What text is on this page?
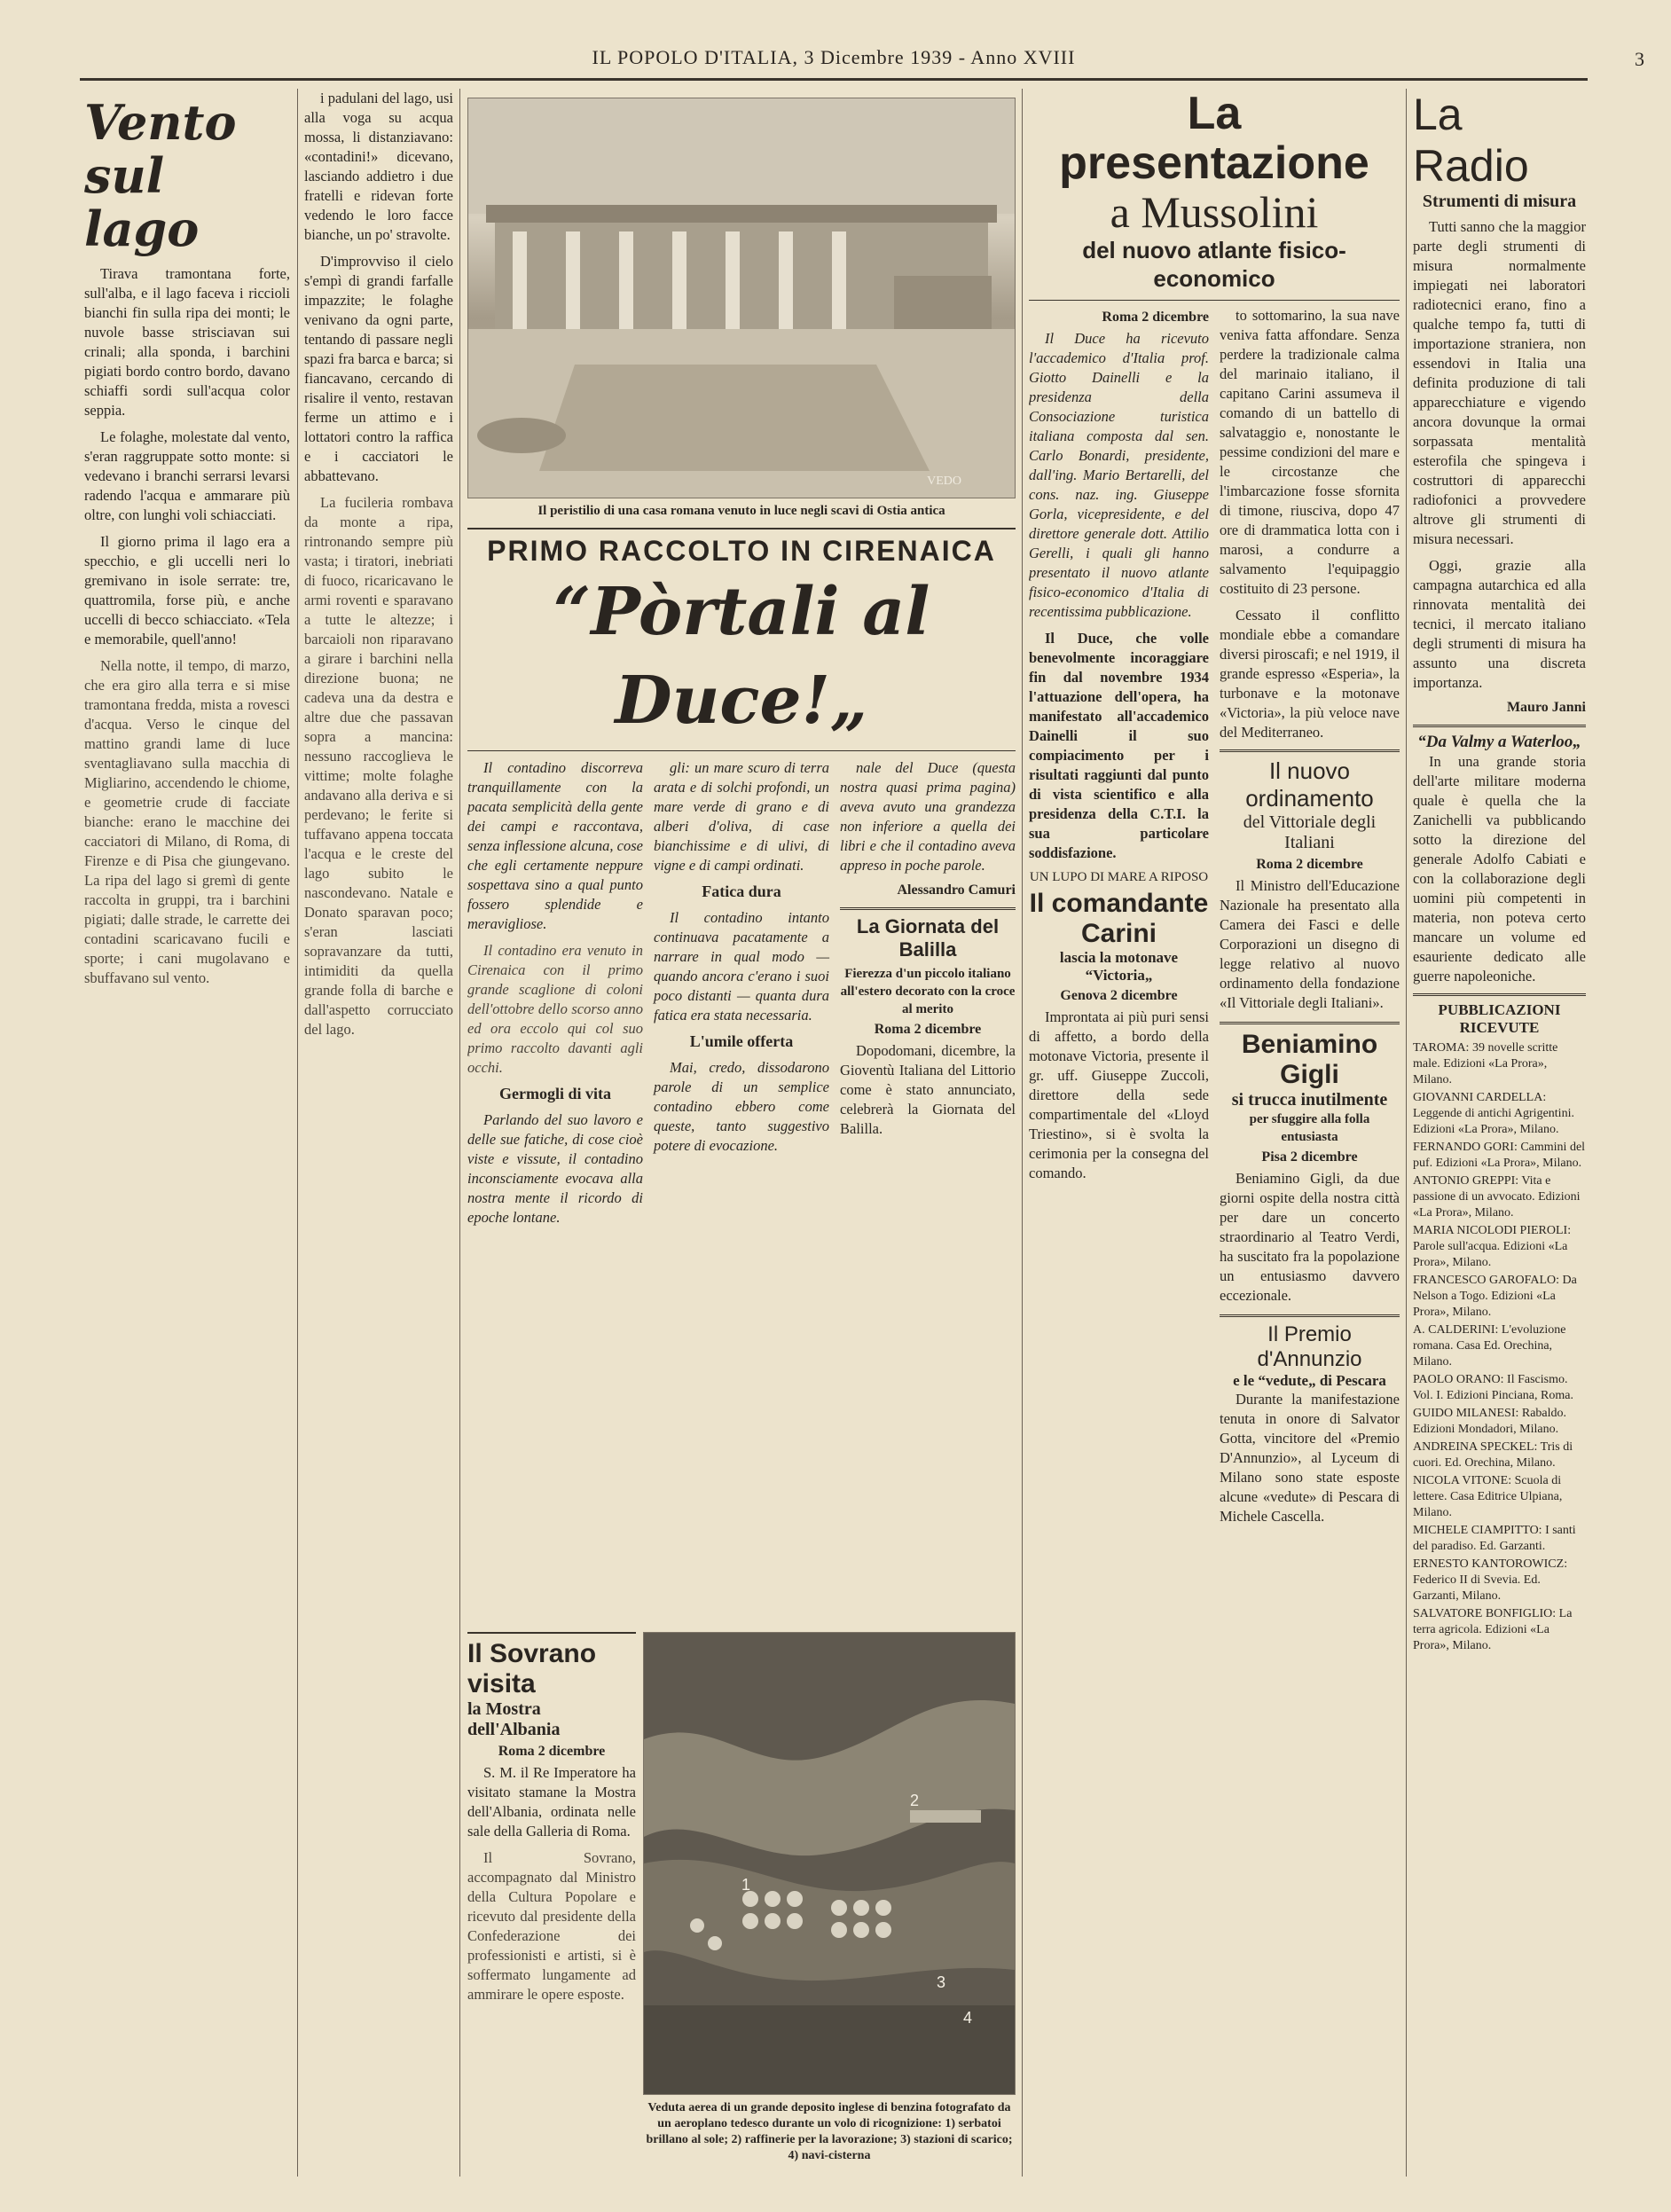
IL POPOLO D'ITALIA, 3 Dicembre 1939 - Anno XVIII	3
Vento sul lago

Tirava tramontana forte, sull'alba, e il lago faceva i riccioli bianchi fin sulla ripa dei monti; le nuvole basse strisciavan sui crinali; alla sponda, i barchini pigiati bordo contro bordo, davano schiaffi sordi sull'acqua color seppia.

Le folaghe, molestate dal vento, s'eran raggruppate sotto monte: si vedevano i branchi serrarsi levarsi radendo l'acqua e ammarare più oltre, con lunghi voli schiacciati.

Il giorno prima il lago era a specchio, e gli uccelli neri lo gremivano in isole serrate: tre, quattromila, forse più, e anche uccelli di becco schiacciato. «Tela e memorabile, quell'anno!

Nella notte, il tempo, di marzo, che era giro alla terra e si mise tramontana fredda, mista a rovesci d'acqua. Verso le cinque del mattino grandi lame di luce sventagliavano sulla macchia di Migliarino, accendendo le chiome, e geometrie crude di facciate bianche: erano le macchine dei cacciatori di Milano, di Roma, di Firenze e di Pisa che giungevano. La ripa del lago si gremì di gente raccolta in gruppi, tra i barchini pigiati; dalle strade, le carrette dei contadini scaricavano fucili e sporte; i cani mugolavano e sbuffavano sul vento.

i padulani del lago, usi alla voga su acqua mossa, li distanziavano: «contadini!» dicevano, lasciando addietro i due fratelli e ridevan forte vedendo le loro facce bianche, un po' stravolte.

D'improvviso il cielo s'empì di grandi farfalle impazzite; le folaghe venivano da ogni parte, tentando di passare negli spazi fra barca e barca; si fiancavano, cercando di risalire il vento, restavan ferme un attimo e i lottatori contro la raffica e i cacciatori le abbattevano.

La fucileria rombava da monte a ripa, rintronando sempre più vasta; i tiratori, inebriati di fuoco, ricaricavano le armi roventi e sparavano a tutte le altezze; i barcaioli non riparavano a girare i barchini nella direzione buona; ne cadeva una da destra e altre due che passavan sopra a mancina: nessuno raccoglieva le vittime; molte folaghe andavano alla deriva e si perdevano; le ferite si tuffavano appena toccata l'acqua e le creste del lago subito le nascondevano. Natale e Donato sparavan poco; s'eran lasciati sopravanzare da tutti, intimiditi da quella grande folla di barche e dall'aspetto corrucciato del lago.

VEDO
Il peristilio di una casa romana venuto in luce negli scavi di Ostia antica
PRIMO RACCOLTO IN CIRENAICA
“Pòrtali al Duce!„

Il contadino discorreva tranquillamente con la pacata semplicità della gente dei campi e raccontava, senza inflessione alcuna, cose che egli certamente neppure sospettava sino a qual punto fossero splendide e meravigliose.

Il contadino era venuto in Cirenaica con il primo grande scaglione di coloni dell'ottobre dello scorso anno ed ora eccolo qui col suo primo raccolto davanti agli occhi.

Germogli di vita

Parlando del suo lavoro e delle sue fatiche, di cose cioè viste e vissute, il contadino inconsciamente evocava alla nostra mente il ricordo di epoche lontane.

gli: un mare scuro di terra arata e di solchi profondi, un mare verde di grano e di alberi d'oliva, di case bianchissime e di ulivi, di vigne e di campi ordinati.

Fatica dura

Il contadino intanto continuava pacatamente a narrare in qual modo — quando ancora c'erano i suoi poco distanti — quanta dura fatica era stata necessaria.

L'umile offerta

Mai, credo, dissodarono parole di un semplice contadino ebbero come queste, tanto suggestivo potere di evocazione.

nale del Duce (questa nostra quasi prima pagina) aveva avuto una grandezza non inferiore a quella dei libri e che il contadino aveva appreso in poche parole.

Alessandro Camuri
La Giornata del Balilla
Fierezza d'un piccolo italiano all'estero decorato con la croce al merito
Roma 2 dicembre

Dopodomani, dicembre, la Gioventù Italiana del Littorio come è stato annunciato, celebrerà la Giornata del Balilla.

Il Sovrano visita
la Mostra dell'Albania
Roma 2 dicembre

S. M. il Re Imperatore ha visitato stamane la Mostra dell'Albania, ordinata nelle sale della Galleria di Roma.

Il Sovrano, accompagnato dal Ministro della Cultura Popolare e ricevuto dal presidente della Confederazione dei professionisti e artisti, si è soffermato lungamente ad ammirare le opere esposte.

1
2
3
4
Veduta aerea di un grande deposito inglese di benzina fotografato da un aeroplano tedesco durante un volo di ricognizione: 1) serbatoi brillano al sole; 2) raffinerie per la lavorazione; 3) stazioni di scarico; 4) navi-cisterna
La presentazione
a Mussolini
del nuovo atlante fisico-economico
Roma 2 dicembre

Il Duce ha ricevuto l'accademico d'Italia prof. Giotto Dainelli e la presidenza della Consociazione turistica italiana composta dal sen. Carlo Bonardi, presidente, dall'ing. Mario Bertarelli, del cons. naz. ing. Giuseppe Gorla, vicepresidente, e del direttore generale dott. Attilio Gerelli, i quali gli hanno presentato il nuovo atlante fisico-economico d'Italia di recentissima pubblicazione.

Il Duce, che volle benevolmente incoraggiare fin dal novembre 1934 l'attuazione dell'opera, ha manifestato all'accademico Dainelli il suo compiacimento per i risultati raggiunti dal punto di vista scientifico e alla presidenza della C.T.I. la sua particolare soddisfazione.

UN LUPO DI MARE A RIPOSO
Il comandante Carini
lascia la motonave “Victoria„
Genova 2 dicembre

Improntata ai più puri sensi di affetto, a bordo della motonave Victoria, presente il gr. uff. Giuseppe Zuccoli, direttore della sede compartimentale del «Lloyd Triestino», si è svolta la cerimonia per la consegna del comando.

to sottomarino, la sua nave veniva fatta affondare. Senza perdere la tradizionale calma del marinaio italiano, il capitano Carini assumeva il comando di un battello di salvataggio e, nonostante le pessime condizioni del mare e le circostanze che l'imbarcazione fosse sfornita di timone, riusciva, dopo 47 ore di drammatica lotta con i marosi, a condurre a salvamento l'equipaggio costituito di 23 persone.

Cessato il conflitto mondiale ebbe a comandare diversi piroscafi; e nel 1919, il grande espresso «Esperia», la turbonave e la motonave «Victoria», la più veloce nave del Mediterraneo.

Il nuovo ordinamento
del Vittoriale degli Italiani
Roma 2 dicembre

Il Ministro dell'Educazione Nazionale ha presentato alla Camera dei Fasci e delle Corporazioni un disegno di legge relativo al nuovo ordinamento della fondazione «Il Vittoriale degli Italiani».

Beniamino Gigli
si trucca inutilmente
per sfuggire alla folla entusiasta
Pisa 2 dicembre

Beniamino Gigli, da due giorni ospite della nostra città per dare un concerto straordinario al Teatro Verdi, ha suscitato fra la popolazione un entusiasmo davvero eccezionale.

Il Premio d'Annunzio
e le “vedute„ di Pescara

Durante la manifestazione tenuta in onore di Salvator Gotta, vincitore del «Premio D'Annunzio», al Lyceum di Milano sono state esposte alcune «vedute» di Pescara di Michele Cascella.

La Radio
Strumenti di misura

Tutti sanno che la maggior parte degli strumenti di misura normalmente impiegati nei laboratori radiotecnici erano, fino a qualche tempo fa, tutti di importazione straniera, non essendovi in Italia una definita produzione di tali apparecchiature e vigendo ancora dovunque la ormai sorpassata mentalità esterofila che spingeva i costruttori di apparecchi radiofonici a provvedere altrove gli strumenti di misura necessari.

Oggi, grazie alla campagna autarchica ed alla rinnovata mentalità dei tecnici, il mercato italiano degli strumenti di misura ha assunto una discreta importanza.

Mauro Janni
“Da Valmy a Waterloo„

In una grande storia dell'arte militare moderna quale è quella che la Zanichelli va pubblicando sotto la direzione del generale Adolfo Cabiati e con la collaborazione degli uomini più competenti in materia, non poteva certo mancare un volume ed esauriente dedicato alle guerre napoleoniche.

PUBBLICAZIONI RICEVUTE

TAROMA: 39 novelle scritte male. Edizioni «La Prora», Milano.

GIOVANNI CARDELLA: Leggende di antichi Agrigentini. Edizioni «La Prora», Milano.

FERNANDO GORI: Cammini del puf. Edizioni «La Prora», Milano.

ANTONIO GREPPI: Vita e passione di un avvocato. Edizioni «La Prora», Milano.

MARIA NICOLODI PIEROLI: Parole sull'acqua. Edizioni «La Prora», Milano.

FRANCESCO GAROFALO: Da Nelson a Togo. Edizioni «La Prora», Milano.

A. CALDERINI: L'evoluzione romana. Casa Ed. Orechina, Milano.

PAOLO ORANO: Il Fascismo. Vol. I. Edizioni Pinciana, Roma.

GUIDO MILANESI: Rabaldo. Edizioni Mondadori, Milano.

ANDREINA SPECKEL: Tris di cuori. Ed. Orechina, Milano.

NICOLA VITONE: Scuola di lettere. Casa Editrice Ulpiana, Milano.

MICHELE CIAMPITTO: I santi del paradiso. Ed. Garzanti.

ERNESTO KANTOROWICZ: Federico II di Svevia. Ed. Garzanti, Milano.

SALVATORE BONFIGLIO: La terra agricola. Edizioni «La Prora», Milano.
